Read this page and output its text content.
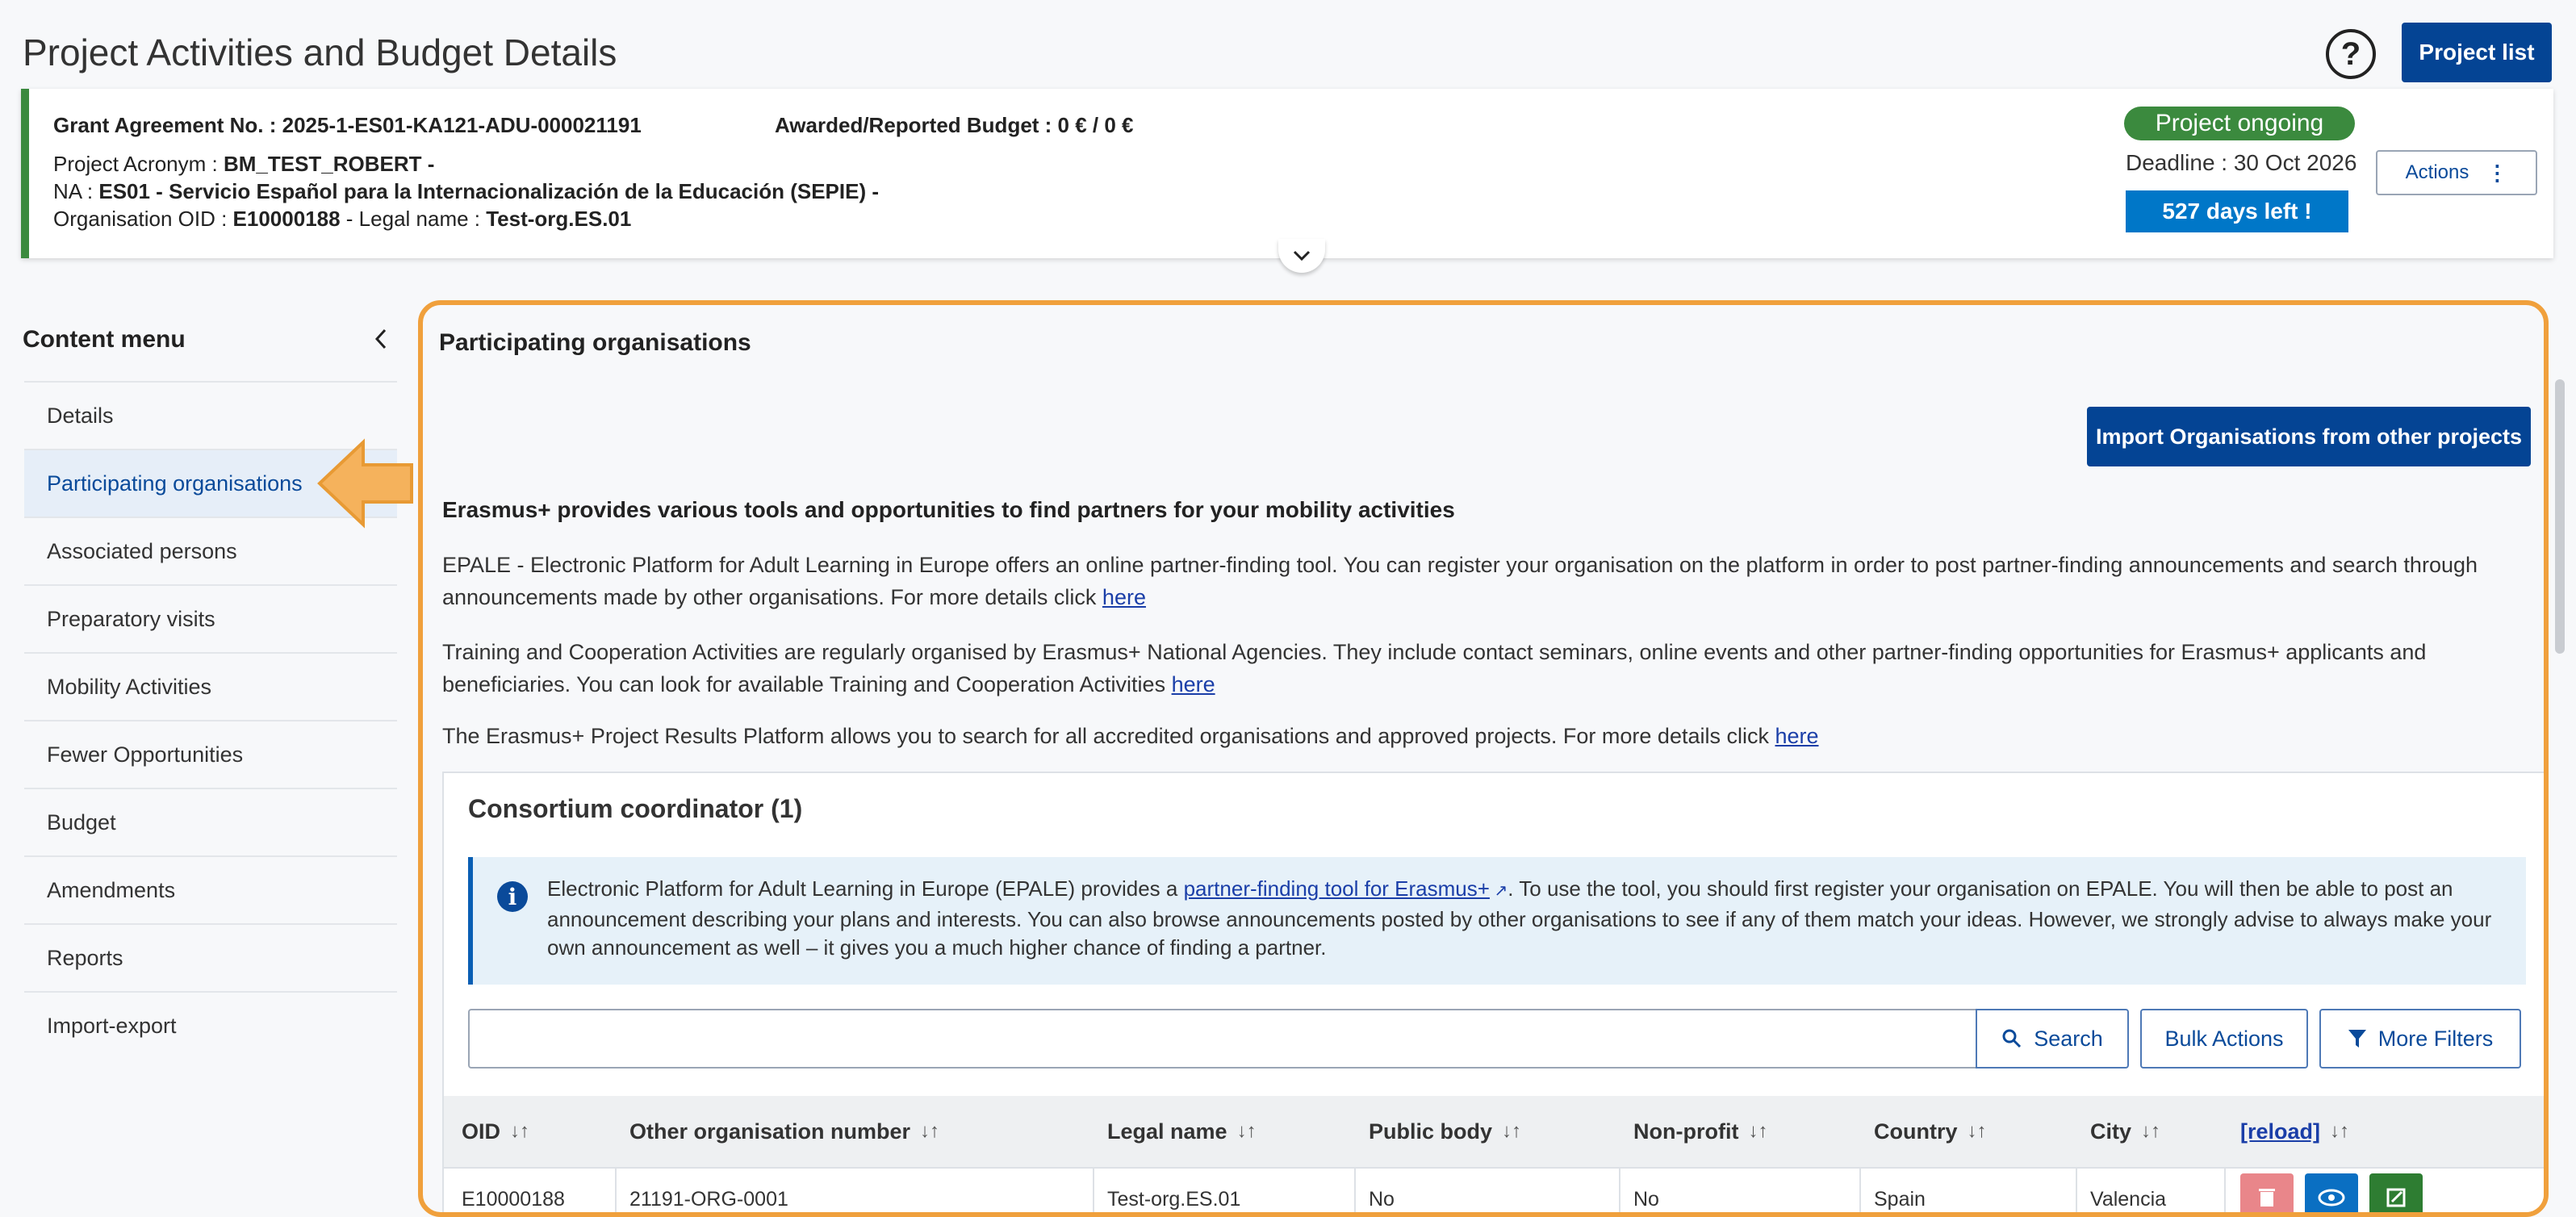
Project Activities and Budget Details	?	Project list
Grant Agreement No. : 2025-1-ES01-KA121-ADU-000021191	Awarded/Reported Budget : 0 € / 0 €
Project Acronym : BM_TEST_ROBERT -
NA : ES01 - Servicio Español para la Internacionalización de la Educación (SEPIE) -
Organisation OID : E10000188 - Legal name : Test-org.ES.01
Project ongoing
Deadline : 30 Oct 2026
527 days left !
Actions ⋮
Content menu
Details
Participating organisations
Associated persons
Preparatory visits
Mobility Activities
Fewer Opportunities
Budget
Amendments
Reports
Import-export
Participating organisations
Import Organisations from other projects
Erasmus+ provides various tools and opportunities to find partners for your mobility activities
EPALE - Electronic Platform for Adult Learning in Europe offers an online partner-finding tool. You can register your organisation on the platform in order to post partner-finding announcements and search through announcements made by other organisations. For more details click here
Training and Cooperation Activities are regularly organised by Erasmus+ National Agencies. They include contact seminars, online events and other partner-finding opportunities for Erasmus+ applicants and beneficiaries. You can look for available Training and Cooperation Activities here
The Erasmus+ Project Results Platform allows you to search for all accredited organisations and approved projects. For more details click here
Consortium coordinator (1)
i	Electronic Platform for Adult Learning in Europe (EPALE) provides a partner-finding tool for Erasmus+ ↗. To use the tool, you should first register your organisation on EPALE. You will then be able to post an announcement describing your plans and interests. You can also browse announcements posted by other organisations to see if any of them match your ideas. However, we strongly advise to always make your own announcement as well – it gives you a much higher chance of finding a partner.
Search	Bulk Actions	More Filters
OID ↓↑	Other organisation number ↓↑	Legal name ↓↑	Public body ↓↑	Non-profit ↓↑	Country ↓↑	City ↓↑	[reload] ↓↑
E10000188	21191-ORG-0001	Test-org.ES.01	No	No	Spain	Valencia
